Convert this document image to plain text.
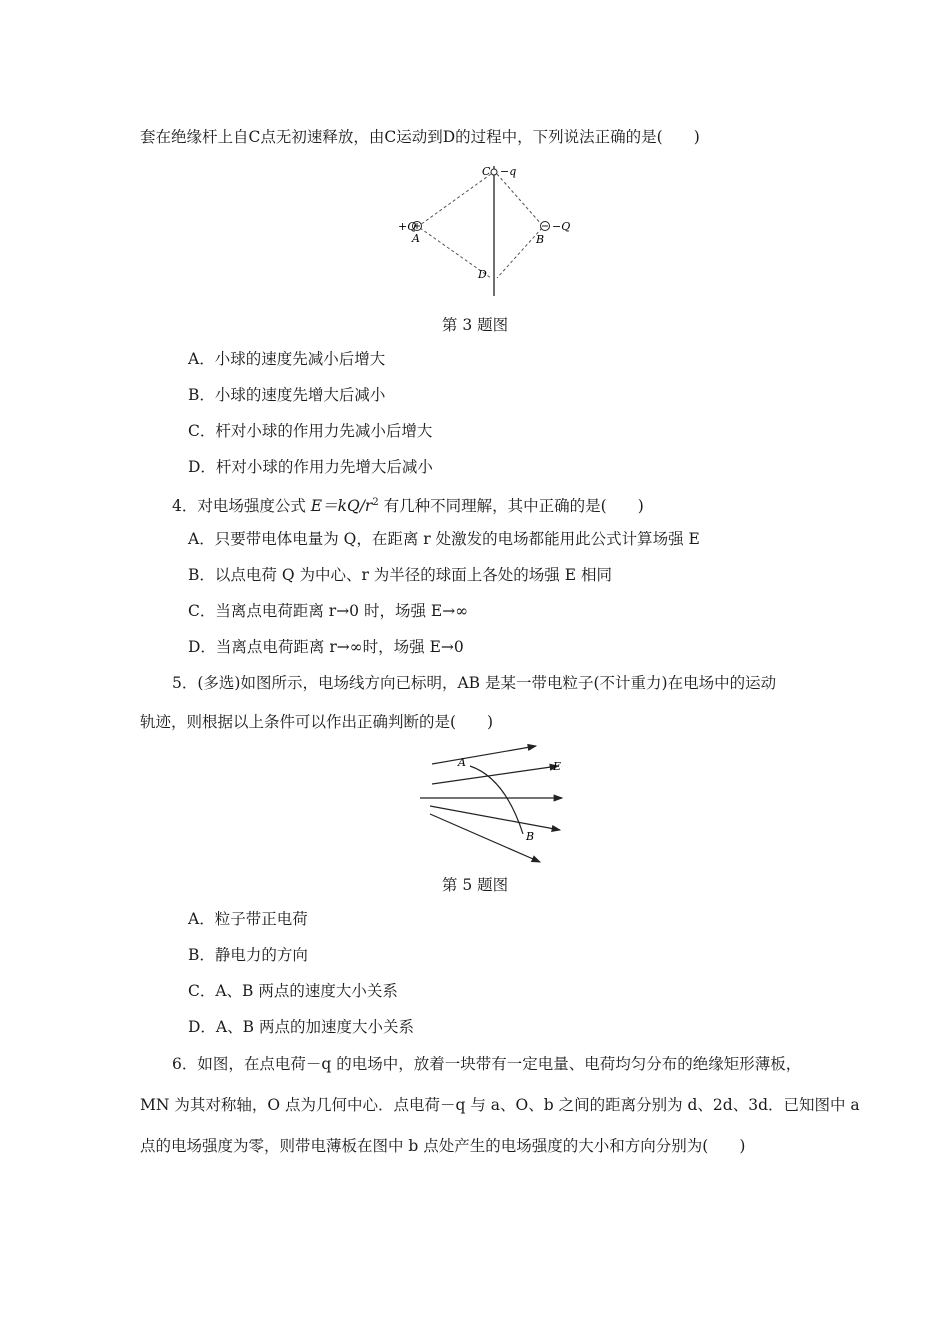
套在绝缘杆上自C点无初速释放，由C运动到D的过程中，下列说法正确的是(　　)
C −q
+Q
A	B
−Q
D
第 3 题图
A．小球的速度先减小后增大
B．小球的速度先增大后减小
C．杆对小球的作用力先减小后增大
D．杆对小球的作用力先增大后减小
4．对电场强度公式 $E=kQ/r^2$ 有几种不同理解，其中正确的是(　　)
A．只要带电体电量为 Q，在距离 r 处激发的电场都能用此公式计算场强 E
B．以点电荷 Q 为中心、r 为半径的球面上各处的场强 E 相同
C．当离点电荷距离 r→0 时，场强 E→∞
D．当离点电荷距离 r→∞时，场强 E→0
5．(多选)如图所示，电场线方向已标明，AB 是某一带电粒子(不计重力)在电场中的运动
轨迹，则根据以上条件可以作出正确判断的是(　　)
A	E
B
第 5 题图
A．粒子带正电荷
B．静电力的方向
C．A、B 两点的速度大小关系
D．A、B 两点的加速度大小关系
6．如图，在点电荷－q 的电场中，放着一块带有一定电量、电荷均匀分布的绝缘矩形薄板，
MN 为其对称轴，O 点为几何中心．点电荷－q 与 a、O、b 之间的距离分别为 d、2d、3d．已知图中 a
点的电场强度为零，则带电薄板在图中 b 点处产生的电场强度的大小和方向分别为(　　)
